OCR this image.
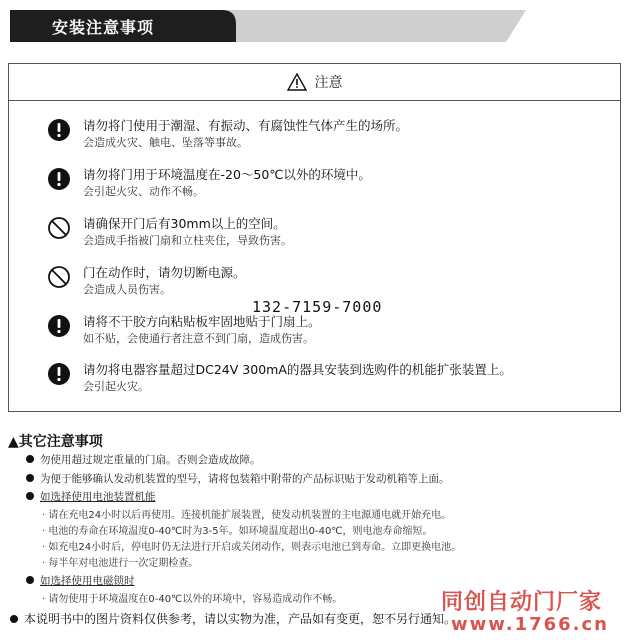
安装注意事项
注意
请勿将门使用于潮湿、有振动、有腐蚀性气体产生的场所。
会造成火灾、触电、坠落等事故。
请勿将门用于环境温度在-20～50℃以外的环境中。
会引起火灾、动作不畅。
请确保开门后有30mm以上的空间。
会造成手指被门扇和立柱夹住，导致伤害。
门在动作时，请勿切断电源。
会造成人员伤害。
请将不干胶方向粘贴板牢固地贴于门扇上。
如不贴，会使通行者注意不到门扇，造成伤害。
请勿将电器容量超过DC24V 300mA的器具安装到选购件的机能扩张装置上。
会引起火灾。
132-7159-7000
▲其它注意事项
勿使用超过规定重量的门扇。否则会造成故障。
为便于能够确认发动机装置的型号，请将包装箱中附带的产品标识贴于发动机箱等上面。
如选择使用电池装置机能
· 请在充电24小时以后再使用。连接机能扩展装置，使发动机装置的主电源通电就开始充电。
· 电池的寿命在环境温度0-40℃时为3-5年。如环境温度超出0-40℃，则电池寿命缩短。
· 如充电24小时后，停电时仍无法进行开启或关闭动作，则表示电池已到寿命。立即更换电池。
· 每半年对电池进行一次定期检查。
如选择使用电磁锁时
· 请勿使用于环境温度在0-40℃以外的环境中，容易造成动作不畅。
本说明书中的图片资料仅供参考，请以实物为准，产品如有变更，恕不另行通知。
同创自动门厂家
www.1766.cn
